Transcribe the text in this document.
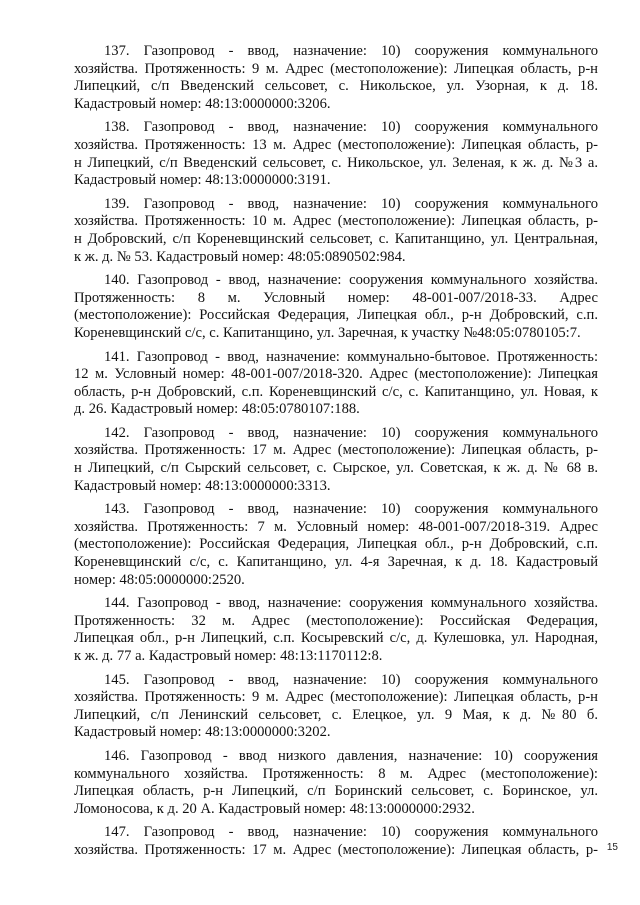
137. Газопровод - ввод, назначение: 10) сооружения коммунального
хозяйства. Протяженность: 9 м. Адрес (местоположение): Липецкая область, р-н
Липецкий, с/п Введенский сельсовет, с. Никольское, ул. Узорная, к д. 18.
Кадастровый номер: 48:13:0000000:3206.
138. Газопровод - ввод, назначение: 10) сооружения коммунального
хозяйства. Протяженность: 13 м. Адрес (местоположение): Липецкая область, р-
н Липецкий, с/п Введенский сельсовет, с. Никольское, ул. Зеленая, к ж. д. №3 а.
Кадастровый номер: 48:13:0000000:3191.
139. Газопровод - ввод, назначение: 10) сооружения коммунального
хозяйства. Протяженность: 10 м. Адрес (местоположение): Липецкая область, р-
н Добровский, с/п Кореневщинский сельсовет, с. Капитанщино, ул. Центральная,
к ж. д. № 53. Кадастровый номер: 48:05:0890502:984.
140. Газопровод - ввод, назначение: сооружения коммунального хозяйства.
Протяженность: 8 м. Условный номер: 48-001-007/2018-33. Адрес
(местоположение): Российская Федерация, Липецкая обл., р-н Добровский, с.п.
Кореневщинский с/с, с. Капитанщино, ул. Заречная, к участку №48:05:0780105:7.
141. Газопровод - ввод, назначение: коммунально-бытовое. Протяженность:
12 м. Условный номер: 48-001-007/2018-320. Адрес (местоположение): Липецкая
область, р-н Добровский, с.п. Кореневщинский с/с, с. Капитанщино, ул. Новая, к
д. 26. Кадастровый номер: 48:05:0780107:188.
142. Газопровод - ввод, назначение: 10) сооружения коммунального
хозяйства. Протяженность: 17 м. Адрес (местоположение): Липецкая область, р-
н Липецкий, с/п Сырский сельсовет, с. Сырское, ул. Советская, к ж. д. № 68 в.
Кадастровый номер: 48:13:0000000:3313.
143. Газопровод - ввод, назначение: 10) сооружения коммунального
хозяйства. Протяженность: 7 м. Условный номер: 48-001-007/2018-319. Адрес
(местоположение): Российская Федерация, Липецкая обл., р-н Добровский, с.п.
Кореневщинский с/с, с. Капитанщино, ул. 4-я Заречная, к д. 18. Кадастровый
номер: 48:05:0000000:2520.
144. Газопровод - ввод, назначение: сооружения коммунального хозяйства.
Протяженность: 32 м. Адрес (местоположение): Российская Федерация,
Липецкая обл., р-н Липецкий, с.п. Косыревский с/с, д. Кулешовка, ул. Народная,
к ж. д. 77 а. Кадастровый номер: 48:13:1170112:8.
145. Газопровод - ввод, назначение: 10) сооружения коммунального
хозяйства. Протяженность: 9 м. Адрес (местоположение): Липецкая область, р-н
Липецкий, с/п Ленинский сельсовет, с. Елецкое, ул. 9 Мая, к д. №80 б.
Кадастровый номер: 48:13:0000000:3202.
146. Газопровод - ввод низкого давления, назначение: 10) сооружения
коммунального хозяйства. Протяженность: 8 м. Адрес (местоположение):
Липецкая область, р-н Липецкий, с/п Боринский сельсовет, с. Боринское, ул.
Ломоносова, к д. 20 А. Кадастровый номер: 48:13:0000000:2932.
147. Газопровод - ввод, назначение: 10) сооружения коммунального
хозяйства. Протяженность: 17 м. Адрес (местоположение): Липецкая область, р- 15
